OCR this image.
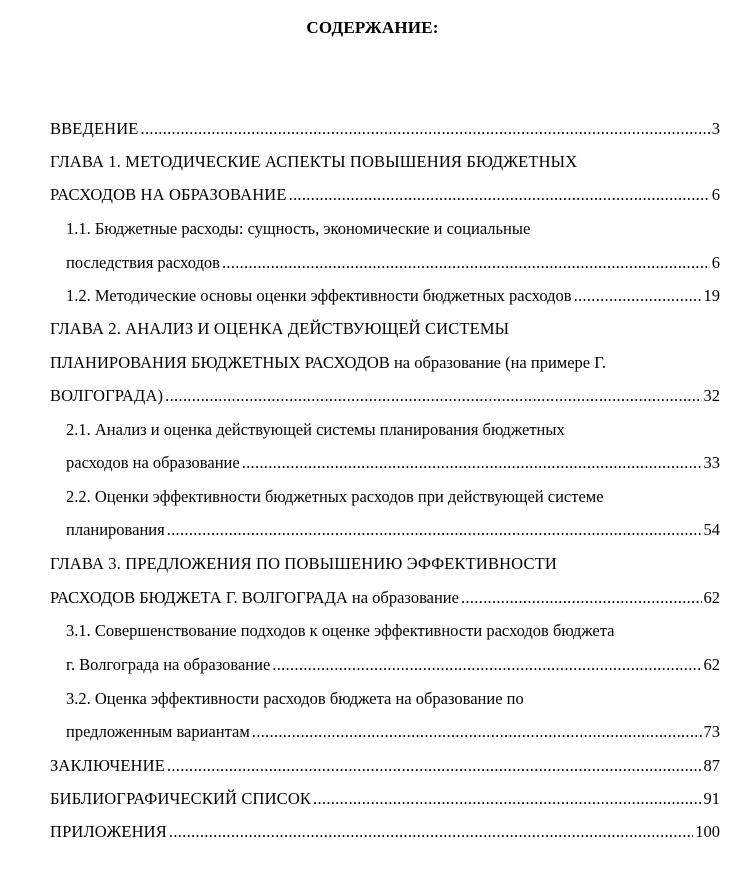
СОДЕРЖАНИЕ:
ВВЕДЕНИЕ .....	3
ГЛАВА 1. МЕТОДИЧЕСКИЕ АСПЕКТЫ ПОВЫШЕНИЯ БЮДЖЕТНЫХ
РАСХОДОВ НА ОБРАЗОВАНИЕ .....	6
1.1. Бюджетные расходы: сущность, экономические и социальные
последствия расходов .....	6
1.2. Методические основы оценки эффективности бюджетных расходов .....	19
ГЛАВА 2. АНАЛИЗ И ОЦЕНКА ДЕЙСТВУЮЩЕЙ СИСТЕМЫ
ПЛАНИРОВАНИЯ БЮДЖЕТНЫХ РАСХОДОВ на образование (на примере Г.
ВОЛГОГРАДА) .....	32
2.1. Анализ и оценка действующей системы планирования бюджетных
расходов на образование .....	33
2.2. Оценки эффективности бюджетных расходов при действующей системе
планирования .....	54
ГЛАВА 3. ПРЕДЛОЖЕНИЯ ПО ПОВЫШЕНИЮ ЭФФЕКТИВНОСТИ
РАСХОДОВ БЮДЖЕТА Г. ВОЛГОГРАДА на образование .....	62
3.1. Совершенствование подходов к оценке эффективности расходов бюджета
г. Волгограда на образование .....	62
3.2. Оценка эффективности расходов бюджета на образование по
предложенным вариантам .....	73
ЗАКЛЮЧЕНИЕ .....	87
БИБЛИОГРАФИЧЕСКИЙ СПИСОК .....	91
ПРИЛОЖЕНИЯ .....	100
